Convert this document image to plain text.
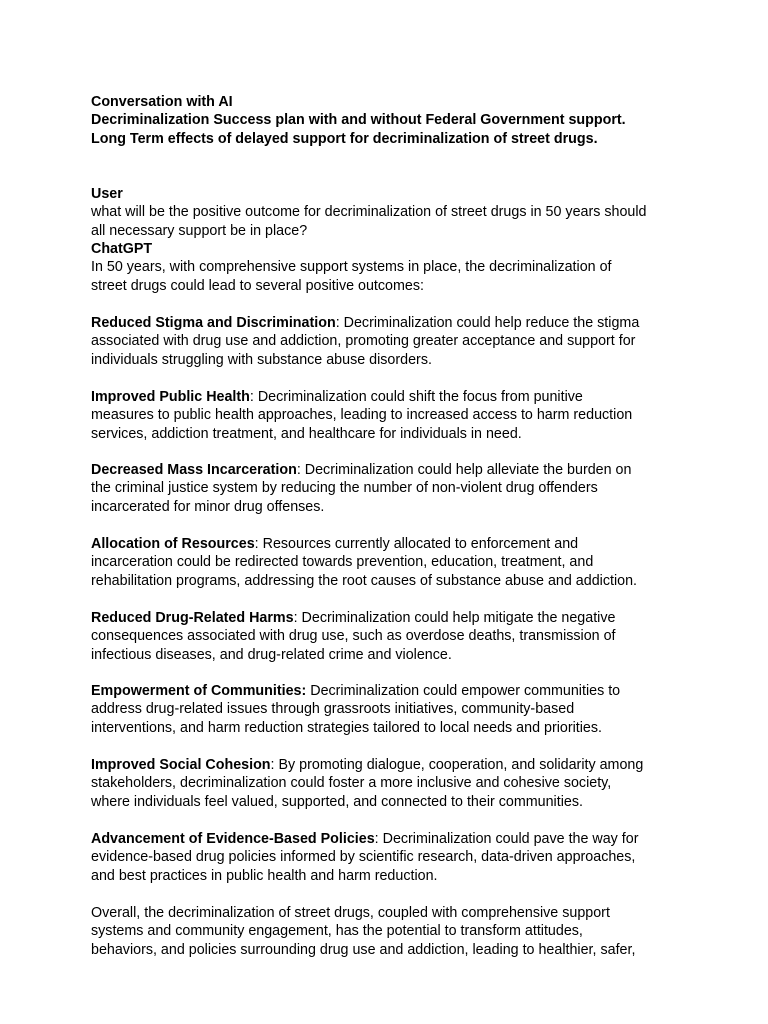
Conversation with AI
Decriminalization Success plan with and without Federal Government support.
Long Term effects of delayed support for decriminalization of street drugs.
User
what will be the positive outcome for decriminalization of street drugs in 50 years should
all necessary support be in place?
ChatGPT
In 50 years, with comprehensive support systems in place, the decriminalization of
street drugs could lead to several positive outcomes:
Reduced Stigma and Discrimination: Decriminalization could help reduce the stigma
associated with drug use and addiction, promoting greater acceptance and support for
individuals struggling with substance abuse disorders.
Improved Public Health: Decriminalization could shift the focus from punitive
measures to public health approaches, leading to increased access to harm reduction
services, addiction treatment, and healthcare for individuals in need.
Decreased Mass Incarceration: Decriminalization could help alleviate the burden on
the criminal justice system by reducing the number of non-violent drug offenders
incarcerated for minor drug offenses.
Allocation of Resources: Resources currently allocated to enforcement and
incarceration could be redirected towards prevention, education, treatment, and
rehabilitation programs, addressing the root causes of substance abuse and addiction.
Reduced Drug-Related Harms: Decriminalization could help mitigate the negative
consequences associated with drug use, such as overdose deaths, transmission of
infectious diseases, and drug-related crime and violence.
Empowerment of Communities: Decriminalization could empower communities to
address drug-related issues through grassroots initiatives, community-based
interventions, and harm reduction strategies tailored to local needs and priorities.
Improved Social Cohesion: By promoting dialogue, cooperation, and solidarity among
stakeholders, decriminalization could foster a more inclusive and cohesive society,
where individuals feel valued, supported, and connected to their communities.
Advancement of Evidence-Based Policies: Decriminalization could pave the way for
evidence-based drug policies informed by scientific research, data-driven approaches,
and best practices in public health and harm reduction.
Overall, the decriminalization of street drugs, coupled with comprehensive support
systems and community engagement, has the potential to transform attitudes,
behaviors, and policies surrounding drug use and addiction, leading to healthier, safer,
